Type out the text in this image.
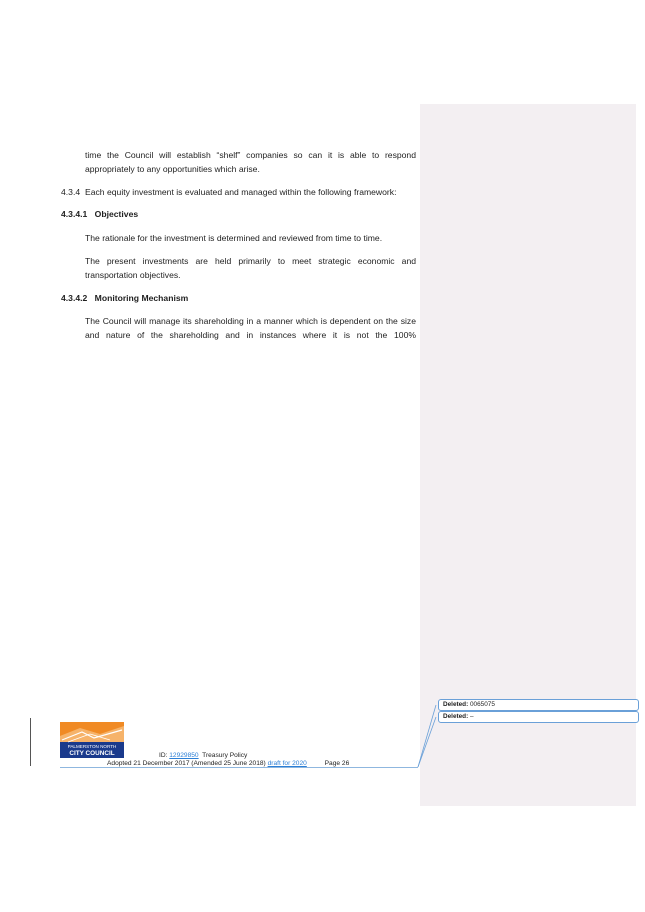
time the Council will establish “shelf” companies so can it is able to respond appropriately to any opportunities which arise.

4.3.4 Each equity investment is evaluated and managed within the following framework:
4.3.4.1 Objectives

The rationale for the investment is determined and reviewed from time to time.

The present investments are held primarily to meet strategic economic and transportation objectives.

4.3.4.2 Monitoring Mechanism

The Council will manage its shareholding in a manner which is dependent on the size and nature of the shareholding and in instances where it is not the 100%

PALMERSTON NORTH
CITY COUNCIL	ID: 12929850 Treasury Policy
Adopted 21 December 2017 (Amended 25 June 2018) draft for 2020	Page 26
Deleted: 0065075
Deleted: –
